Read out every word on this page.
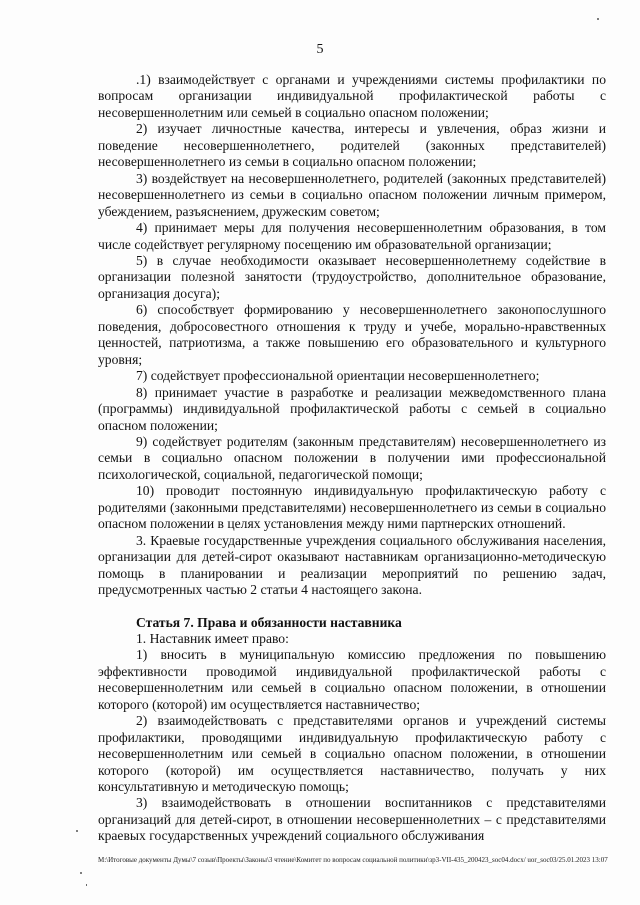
5

.1) взаимодействует с органами и учреждениями системы профилактики по вопросам организации индивидуальной профилактической работы с несовершеннолетним или семьей в социально опасном положении;

2) изучает личностные качества, интересы и увлечения, образ жизни и поведение несовершеннолетнего, родителей (законных представителей) несовершеннолетнего из семьи в социально опасном положении;

3) воздействует на несовершеннолетнего, родителей (законных представителей) несовершеннолетнего из семьи в социально опасном положении личным примером, убеждением, разъяснением, дружеским советом;

4) принимает меры для получения несовершеннолетним образования, в том числе содействует регулярному посещению им образовательной организации;

5) в случае необходимости оказывает несовершеннолетнему содействие в организации полезной занятости (трудоустройство, дополнительное образование, организация досуга);

6) способствует формированию у несовершеннолетнего законопослушного поведения, добросовестного отношения к труду и учебе, морально-нравственных ценностей, патриотизма, а также повышению его образовательного и культурного уровня;

7) содействует профессиональной ориентации несовершеннолетнего;

8) принимает участие в разработке и реализации межведомственного плана (программы) индивидуальной профилактической работы с семьей в социально опасном положении;

9) содействует родителям (законным представителям) несовершеннолетнего из семьи в социально опасном положении в получении ими профессиональной психологической, социальной, педагогической помощи;

10) проводит постоянную индивидуальную профилактическую работу с родителями (законными представителями) несовершеннолетнего из семьи в социально опасном положении в целях установления между ними партнерских отношений.

3. Краевые государственные учреждения социального обслуживания населения, организации для детей-сирот оказывают наставникам организационно-методическую помощь в планировании и реализации мероприятий по решению задач, предусмотренных частью 2 статьи 4 настоящего закона.

Статья 7. Права и обязанности наставника

1. Наставник имеет право:

1) вносить в муниципальную комиссию предложения по повышению эффективности проводимой индивидуальной профилактической работы с несовершеннолетним или семьей в социально опасном положении, в отношении которого (которой) им осуществляется наставничество;

2) взаимодействовать с представителями органов и учреждений системы профилактики, проводящими индивидуальную профилактическую работу с несовершеннолетним или семьей в социально опасном положении, в отношении которого (которой) им осуществляется наставничество, получать у них консультативную и методическую помощь;

3) взаимодействовать в отношении воспитанников с представителями организаций для детей-сирот, в отношении несовершеннолетних – с представителями краевых государственных учреждений социального обслуживания

M:\Итоговые документы Думы\7 созыв\Проекты\Законы\3 чтение\Комитет по вопросам социальной политики\зр3-VII-435_200423_soc04.docx/ uor_soc03/25.01.2023 13:07
